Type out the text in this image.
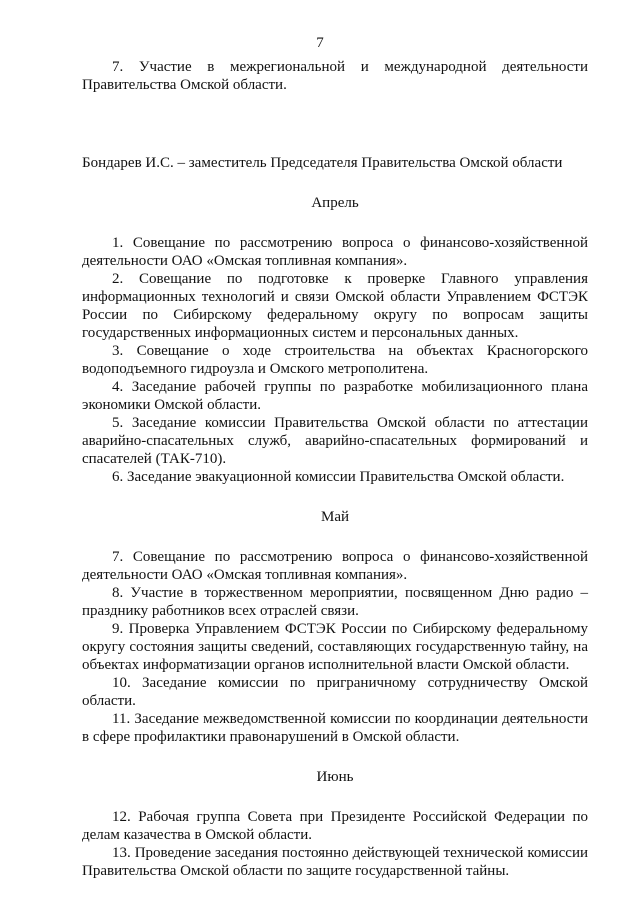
7

7. Участие в межрегиональной и международной деятельности Правительства Омской области.

Бондарев И.С. – заместитель Председателя Правительства Омской области

Апрель

1. Совещание по рассмотрению вопроса о финансово-хозяйственной деятельности ОАО «Омская топливная компания».

2. Совещание по подготовке к проверке Главного управления информационных технологий и связи Омской области Управлением ФСТЭК России по Сибирскому федеральному округу по вопросам защиты государственных информационных систем и персональных данных.

3. Совещание о ходе строительства на объектах Красногорского водоподъемного гидроузла и Омского метрополитена.

4. Заседание рабочей группы по разработке мобилизационного плана экономики Омской области.

5. Заседание комиссии Правительства Омской области по аттестации аварийно-спасательных служб, аварийно-спасательных формирований и спасателей (ТАК-710).

6. Заседание эвакуационной комиссии Правительства Омской области.

Май

7. Совещание по рассмотрению вопроса о финансово-хозяйственной деятельности ОАО «Омская топливная компания».

8. Участие в торжественном мероприятии, посвященном Дню радио – празднику работников всех отраслей связи.

9. Проверка Управлением ФСТЭК России по Сибирскому федеральному округу состояния защиты сведений, составляющих государственную тайну, на объектах информатизации органов исполнительной власти Омской области.

10. Заседание комиссии по приграничному сотрудничеству Омской области.

11. Заседание межведомственной комиссии по координации деятельности в сфере профилактики правонарушений в Омской области.

Июнь

12. Рабочая группа Совета при Президенте Российской Федерации по делам казачества в Омской области.

13. Проведение заседания постоянно действующей технической комиссии Правительства Омской области по защите государственной тайны.
